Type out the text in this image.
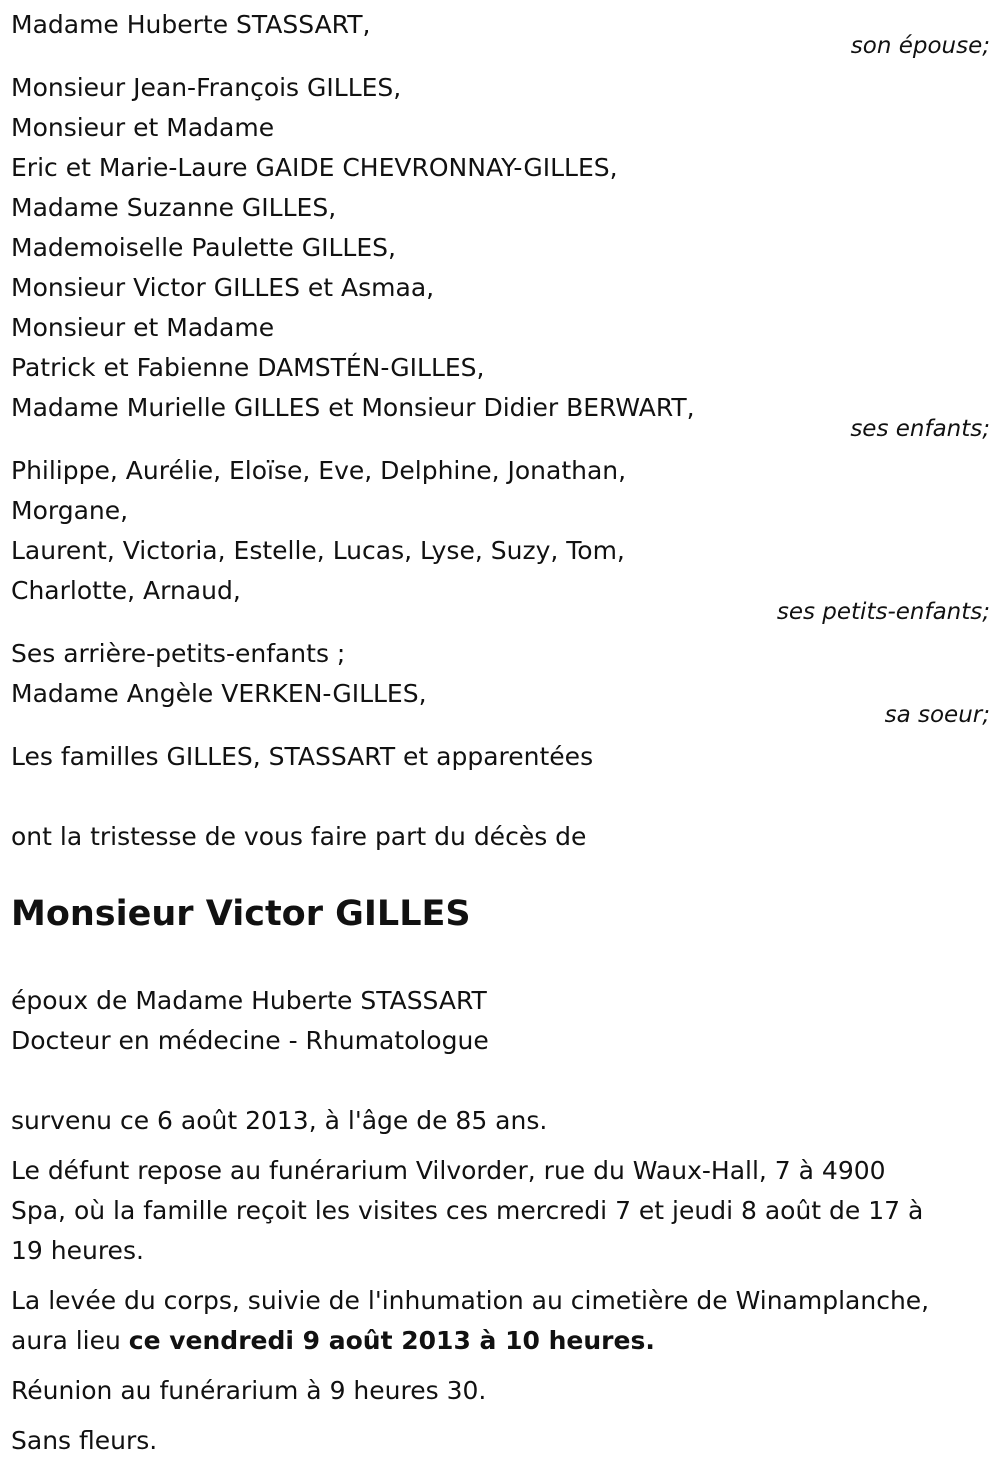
Madame Huberte STASSART,
son épouse;
Monsieur Jean-François GILLES,
Monsieur et Madame
Eric et Marie-Laure GAIDE CHEVRONNAY-GILLES,
Madame Suzanne GILLES,
Mademoiselle Paulette GILLES,
Monsieur Victor GILLES et Asmaa,
Monsieur et Madame
Patrick et Fabienne DAMSTÉN-GILLES,
Madame Murielle GILLES et Monsieur Didier BERWART,
ses enfants;
Philippe, Aurélie, Eloïse, Eve, Delphine, Jonathan,
Morgane,
Laurent, Victoria, Estelle, Lucas, Lyse, Suzy, Tom,
Charlotte, Arnaud,
ses petits-enfants;
Ses arrière-petits-enfants ;
Madame Angèle VERKEN-GILLES,
sa soeur;
Les familles GILLES, STASSART et apparentées
ont la tristesse de vous faire part du décès de
Monsieur Victor GILLES
époux de Madame Huberte STASSART
Docteur en médecine - Rhumatologue

survenu ce 6 août 2013, à l'âge de 85 ans.

Le défunt repose au funérarium Vilvorder, rue du Waux-Hall, 7 à 4900
Spa, où la famille reçoit les visites ces mercredi 7 et jeudi 8 août de 17 à
19 heures.

La levée du corps, suivie de l'inhumation au cimetière de Winamplanche,
aura lieu ce vendredi 9 août 2013 à 10 heures.

Réunion au funérarium à 9 heures 30.

Sans fleurs.
